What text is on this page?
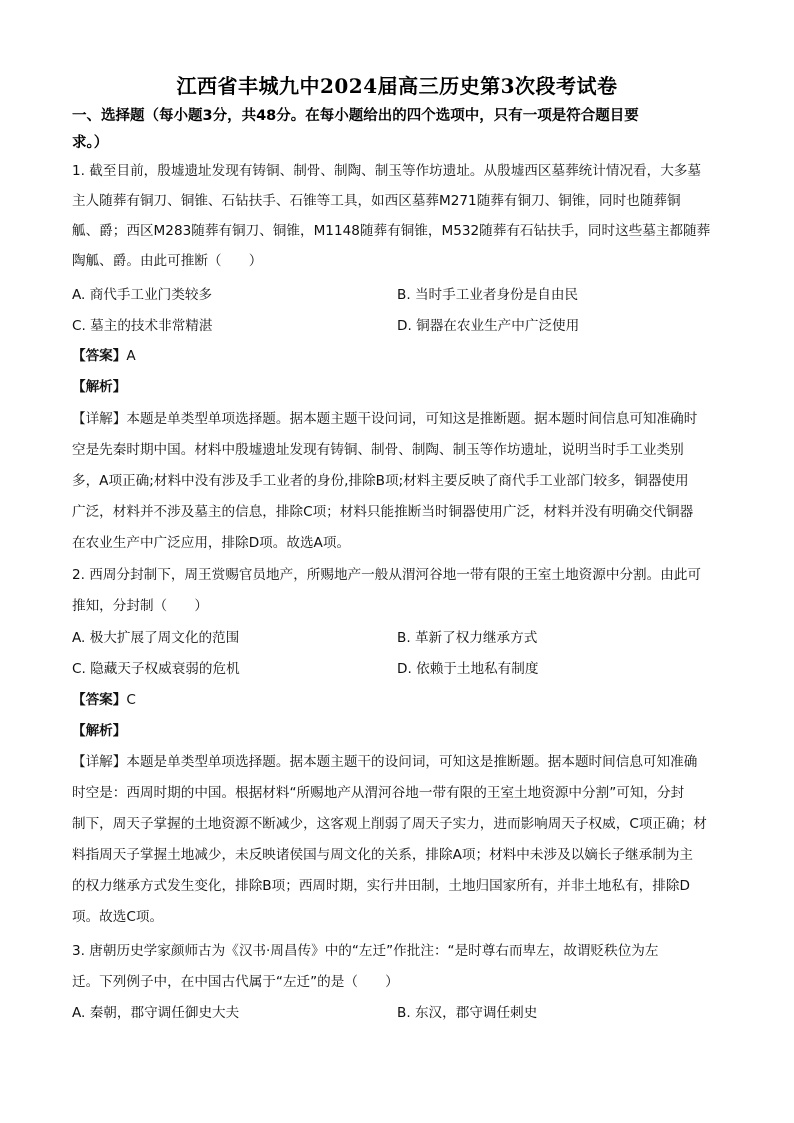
江西省丰城九中2024届高三历史第3次段考试卷
一、选择题（每小题3分，共48分。在每小题给出的四个选项中，只有一项是符合题目要
求。）
1. 截至目前，殷墟遗址发现有铸铜、制骨、制陶、制玉等作坊遗址。从殷墟西区墓葬统计情况看，大多墓
主人随葬有铜刀、铜锥、石钻扶手、石锥等工具，如西区墓葬M271随葬有铜刀、铜锥，同时也随葬铜
觚、爵；西区M283随葬有铜刀、铜锥，M1148随葬有铜锥，M532随葬有石钻扶手，同时这些墓主都随葬
陶觚、爵。由此可推断（　　）
A. 商代手工业门类较多	B. 当时手工业者身份是自由民
C. 墓主的技术非常精湛	D. 铜器在农业生产中广泛使用
【答案】A
【解析】
【详解】本题是单类型单项选择题。据本题主题干设问词，可知这是推断题。据本题时间信息可知准确时
空是先秦时期中国。材料中殷墟遗址发现有铸铜、制骨、制陶、制玉等作坊遗址，说明当时手工业类别
多，A项正确;材料中没有涉及手工业者的身份,排除B项;材料主要反映了商代手工业部门较多，铜器使用
广泛，材料并不涉及墓主的信息，排除C项；材料只能推断当时铜器使用广泛，材料并没有明确交代铜器
在农业生产中广泛应用，排除D项。故选A项。
2. 西周分封制下，周王赏赐官员地产，所赐地产一般从渭河谷地一带有限的王室土地资源中分割。由此可
推知，分封制（　　）
A. 极大扩展了周文化的范围	B. 革新了权力继承方式
C. 隐藏天子权威衰弱的危机	D. 依赖于土地私有制度
【答案】C
【解析】
【详解】本题是单类型单项选择题。据本题主题干的设问词，可知这是推断题。据本题时间信息可知准确
时空是：西周时期的中国。根据材料“所赐地产从渭河谷地一带有限的王室土地资源中分割”可知，分封
制下，周天子掌握的土地资源不断减少，这客观上削弱了周天子实力，进而影响周天子权威，C项正确；材
料指周天子掌握土地减少，未反映诸侯国与周文化的关系，排除A项；材料中未涉及以嫡长子继承制为主
的权力继承方式发生变化，排除B项；西周时期，实行井田制，土地归国家所有，并非土地私有，排除D
项。故选C项。
3. 唐朝历史学家颜师古为《汉书·周昌传》中的“左迁”作批注：“是时尊右而卑左，故谓贬秩位为左
迁。下列例子中，在中国古代属于“左迁”的是（　　）
A. 秦朝，郡守调任御史大夫	B. 东汉，郡守调任刺史
